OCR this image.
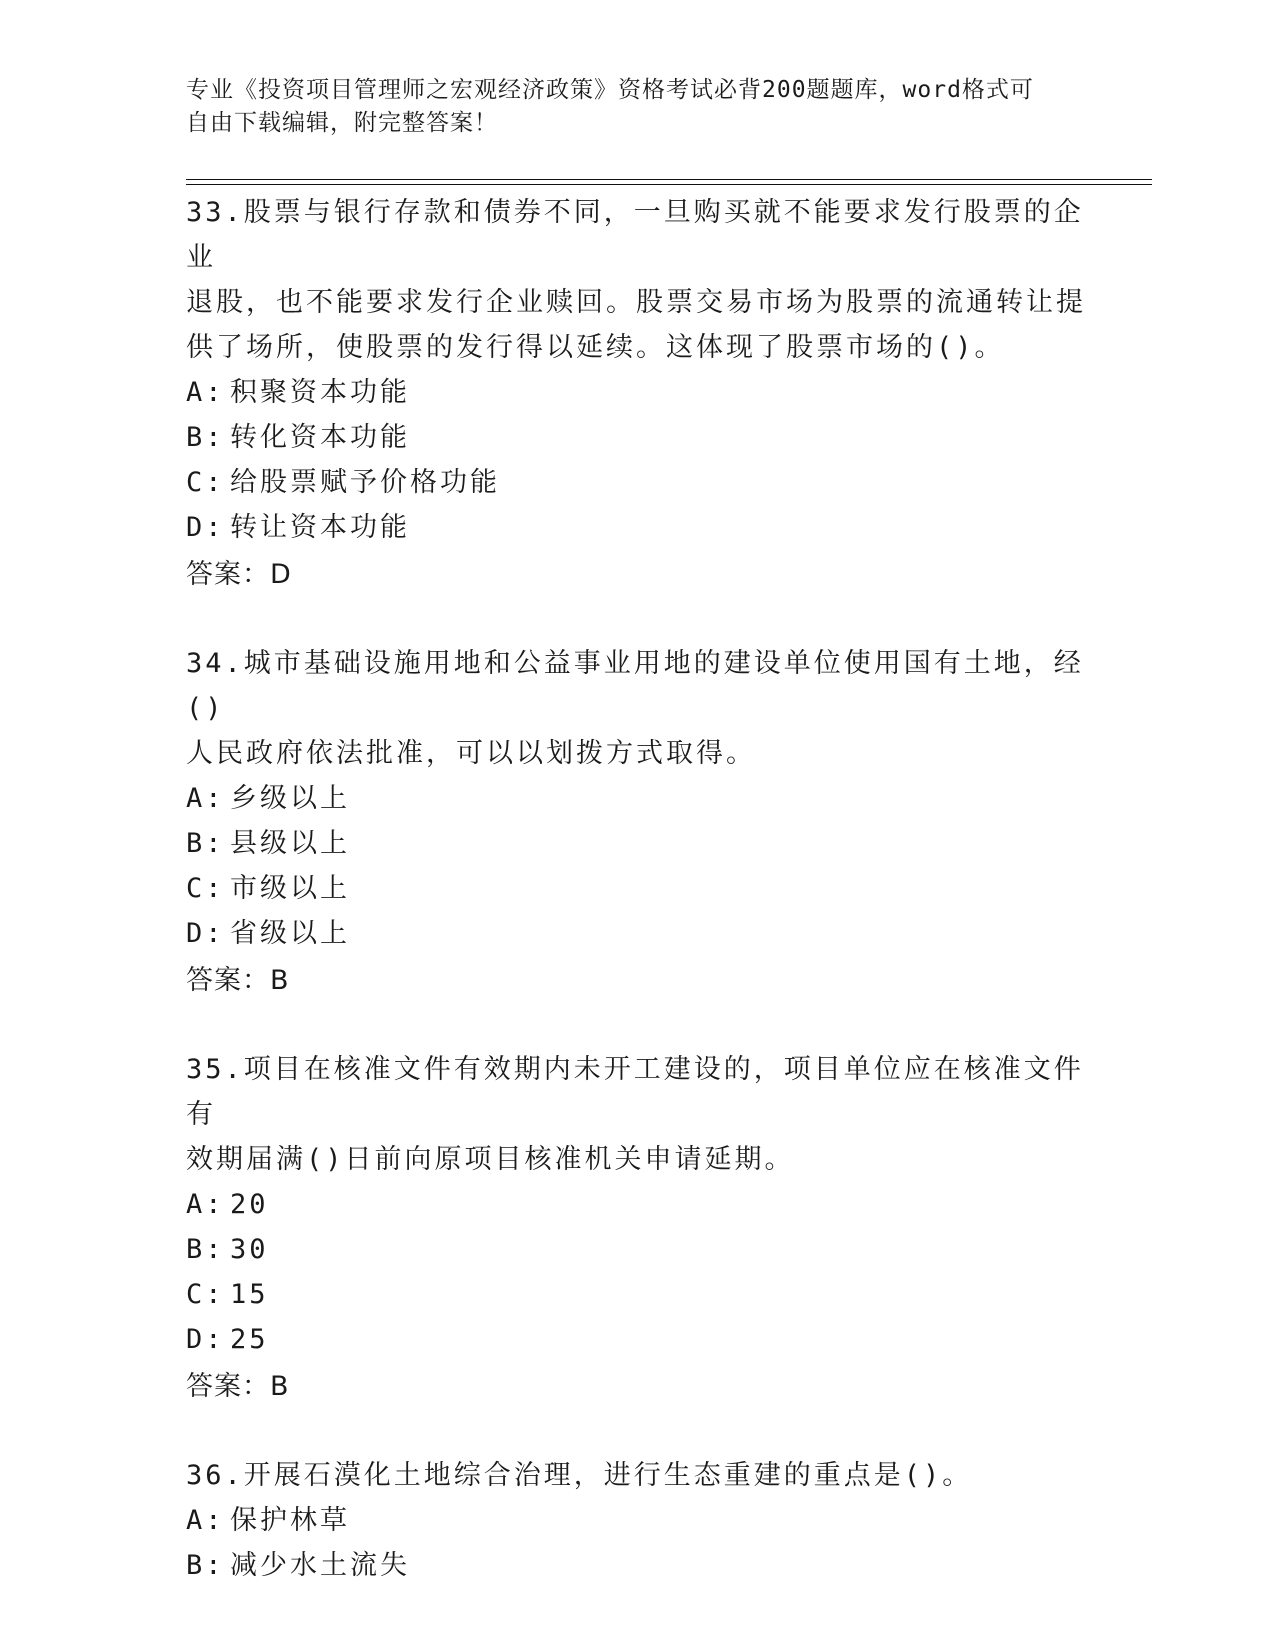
专业《投资项目管理师之宏观经济政策》资格考试必背200题题库，word格式可
自由下载编辑，附完整答案！
33.股票与银行存款和债券不同，一旦购买就不能要求发行股票的企业
退股，也不能要求发行企业赎回。股票交易市场为股票的流通转让提
供了场所，使股票的发行得以延续。这体现了股票市场的()。
A: 积聚资本功能
B: 转化资本功能
C: 给股票赋予价格功能
D: 转让资本功能
答案：D
34.城市基础设施用地和公益事业用地的建设单位使用国有土地，经()
人民政府依法批准，可以以划拨方式取得。
A: 乡级以上
B: 县级以上
C: 市级以上
D: 省级以上
答案：B
35.项目在核准文件有效期内未开工建设的，项目单位应在核准文件有
效期届满()日前向原项目核准机关申请延期。
A: 20
B: 30
C: 15
D: 25
答案：B
36.开展石漠化土地综合治理，进行生态重建的重点是()。
A: 保护林草
B: 减少水土流失
